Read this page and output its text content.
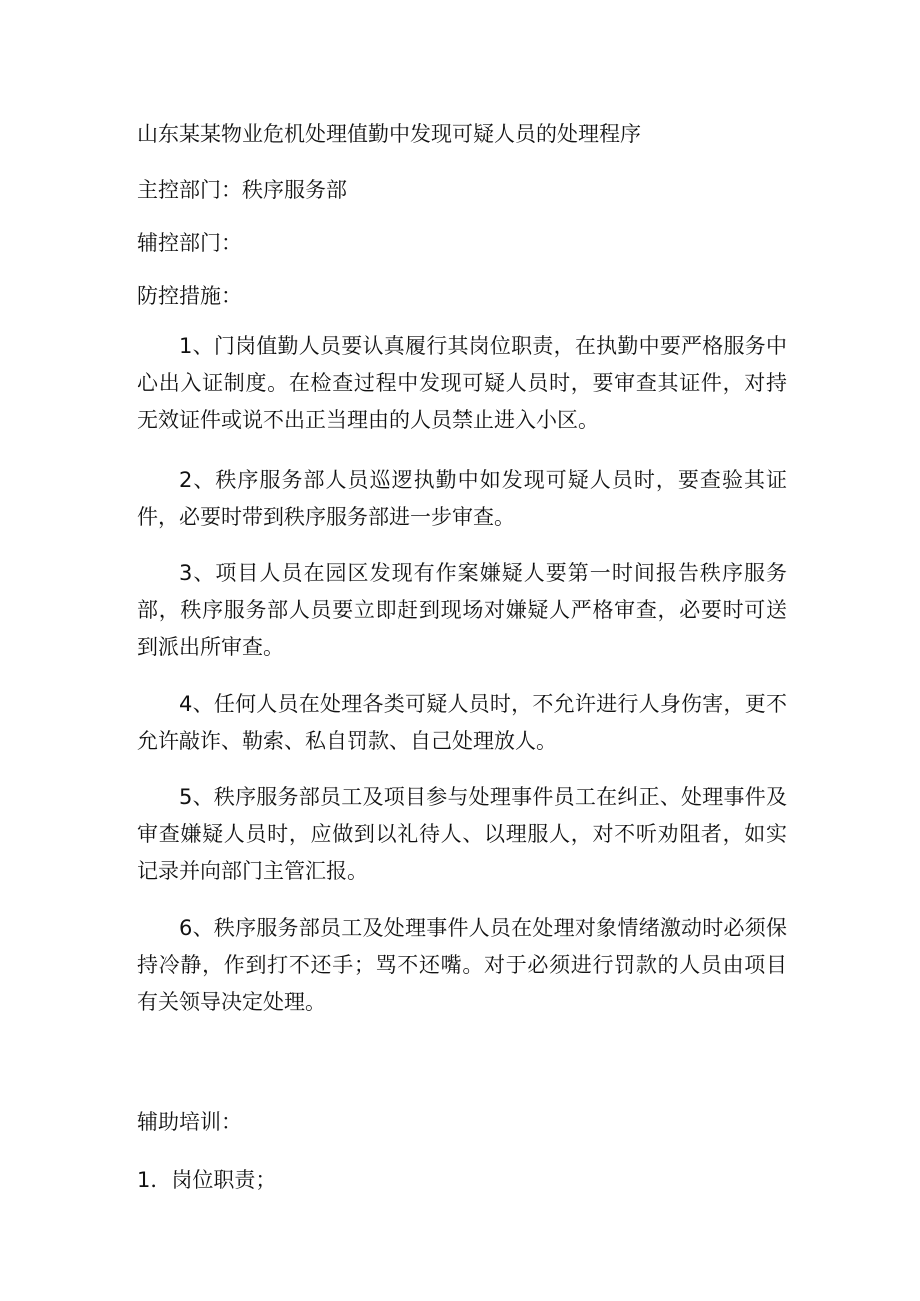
山东某某物业危机处理值勤中发现可疑人员的处理程序
主控部门：秩序服务部
辅控部门：
防控措施：
1、门岗值勤人员要认真履行其岗位职责，在执勤中要严格服务中心出入证制度。在检查过程中发现可疑人员时，要审查其证件，对持无效证件或说不出正当理由的人员禁止进入小区。
2、秩序服务部人员巡逻执勤中如发现可疑人员时，要查验其证件，必要时带到秩序服务部进一步审查。
3、项目人员在园区发现有作案嫌疑人要第一时间报告秩序服务部，秩序服务部人员要立即赶到现场对嫌疑人严格审查，必要时可送到派出所审查。
4、任何人员在处理各类可疑人员时，不允许进行人身伤害，更不允许敲诈、勒索、私自罚款、自己处理放人。
5、秩序服务部员工及项目参与处理事件员工在纠正、处理事件及审查嫌疑人员时，应做到以礼待人、以理服人，对不听劝阻者，如实记录并向部门主管汇报。
6、秩序服务部员工及处理事件人员在处理对象情绪激动时必须保持冷静，作到打不还手；骂不还嘴。对于必须进行罚款的人员由项目有关领导决定处理。
辅助培训：
1．岗位职责；
